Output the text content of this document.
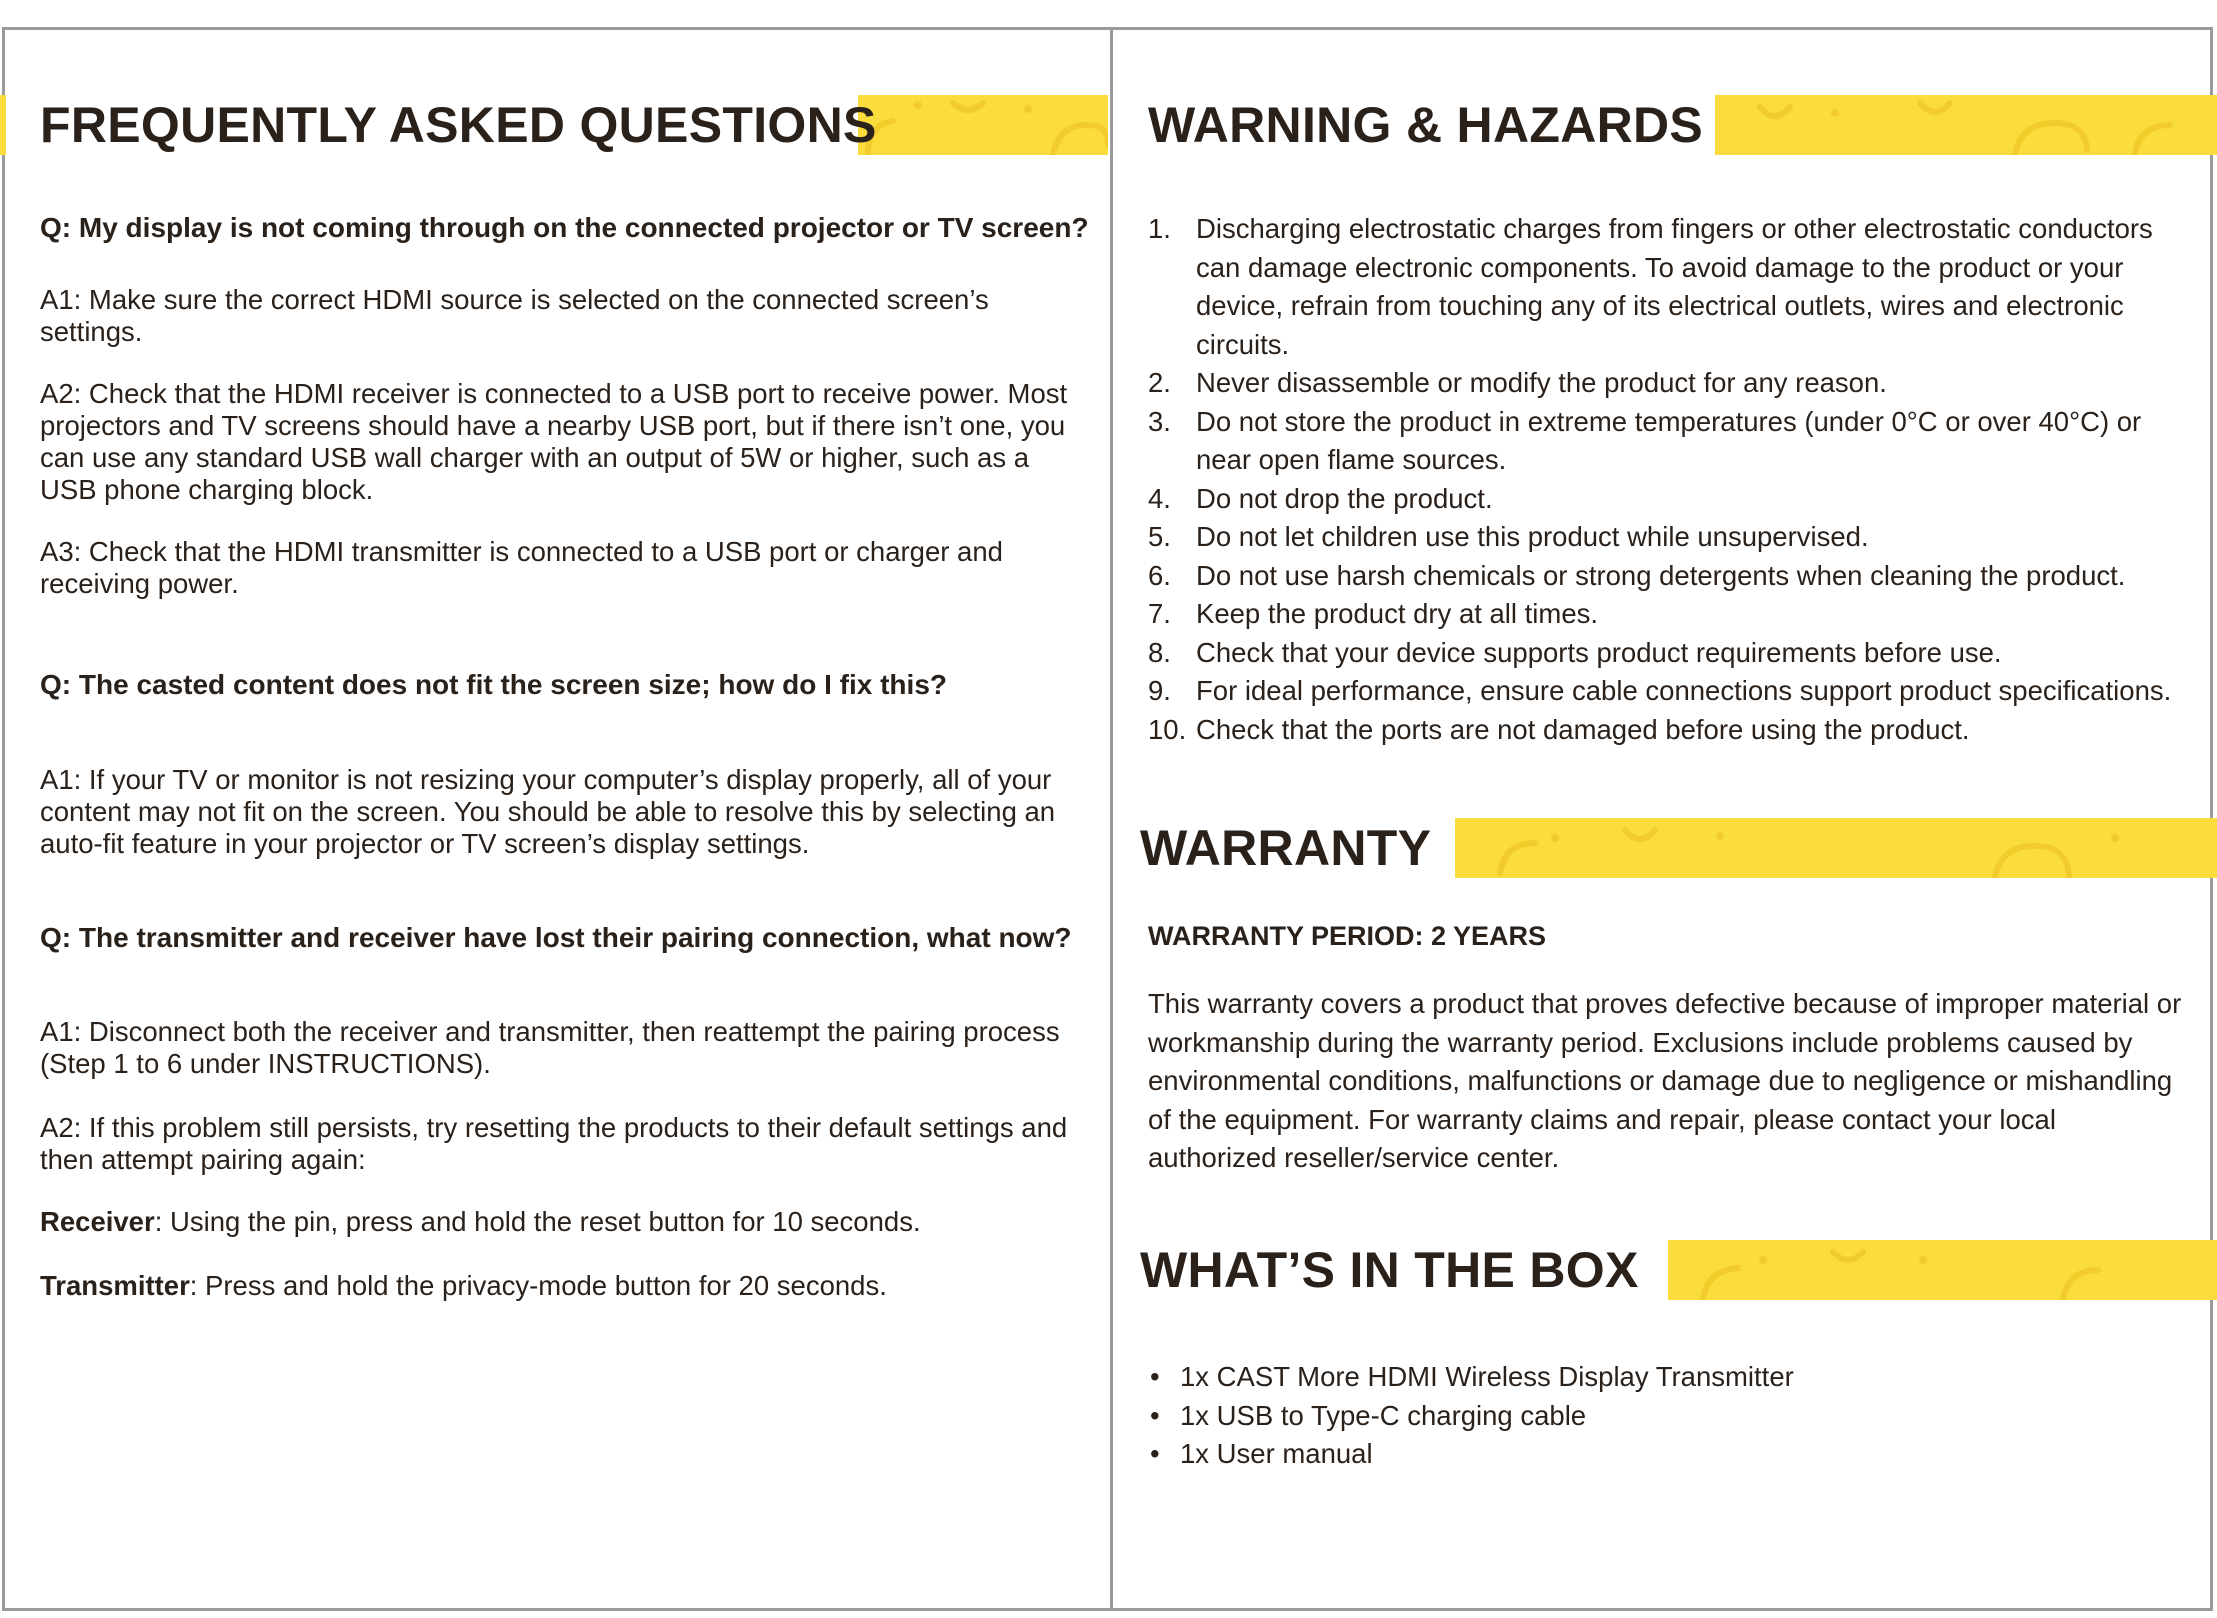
FREQUENTLY ASKED QUESTIONS
Q: My display is not coming through on the connected projector or TV screen?
A1: Make sure the correct HDMI source is selected on the connected screen’s settings.
A2: Check that the HDMI receiver is connected to a USB port to receive power. Most projectors and TV screens should have a nearby USB port, but if there isn’t one, you can use any standard USB wall charger with an output of 5W or higher, such as a USB phone charging block.
A3: Check that the HDMI transmitter is connected to a USB port or charger and receiving power.
Q: The casted content does not fit the screen size; how do I fix this?
A1: If your TV or monitor is not resizing your computer’s display properly, all of your content may not fit on the screen. You should be able to resolve this by selecting an auto-fit feature in your projector or TV screen’s display settings.
Q: The transmitter and receiver have lost their pairing connection, what now?
A1: Disconnect both the receiver and transmitter, then reattempt the pairing process (Step 1 to 6 under INSTRUCTIONS).
A2: If this problem still persists, try resetting the products to their default settings and then attempt pairing again:
Receiver: Using the pin, press and hold the reset button for 10 seconds.
Transmitter: Press and hold the privacy-mode button for 20 seconds.
WARNING & HAZARDS
1. Discharging electrostatic charges from fingers or other electrostatic conductors can damage electronic components. To avoid damage to the product or your device, refrain from touching any of its electrical outlets, wires and electronic circuits.
2. Never disassemble or modify the product for any reason.
3. Do not store the product in extreme temperatures (under 0°C or over 40°C) or near open flame sources.
4. Do not drop the product.
5. Do not let children use this product while unsupervised.
6. Do not use harsh chemicals or strong detergents when cleaning the product.
7. Keep the product dry at all times.
8. Check that your device supports product requirements before use.
9. For ideal performance, ensure cable connections support product specifications.
10. Check that the ports are not damaged before using the product.
WARRANTY
WARRANTY PERIOD: 2 YEARS
This warranty covers a product that proves defective because of improper material or workmanship during the warranty period. Exclusions include problems caused by environmental conditions, malfunctions or damage due to negligence or mishandling of the equipment. For warranty claims and repair, please contact your local authorized reseller/service center.
WHAT’S IN THE BOX
• 1x CAST More HDMI Wireless Display Transmitter
• 1x USB to Type-C charging cable
• 1x User manual
